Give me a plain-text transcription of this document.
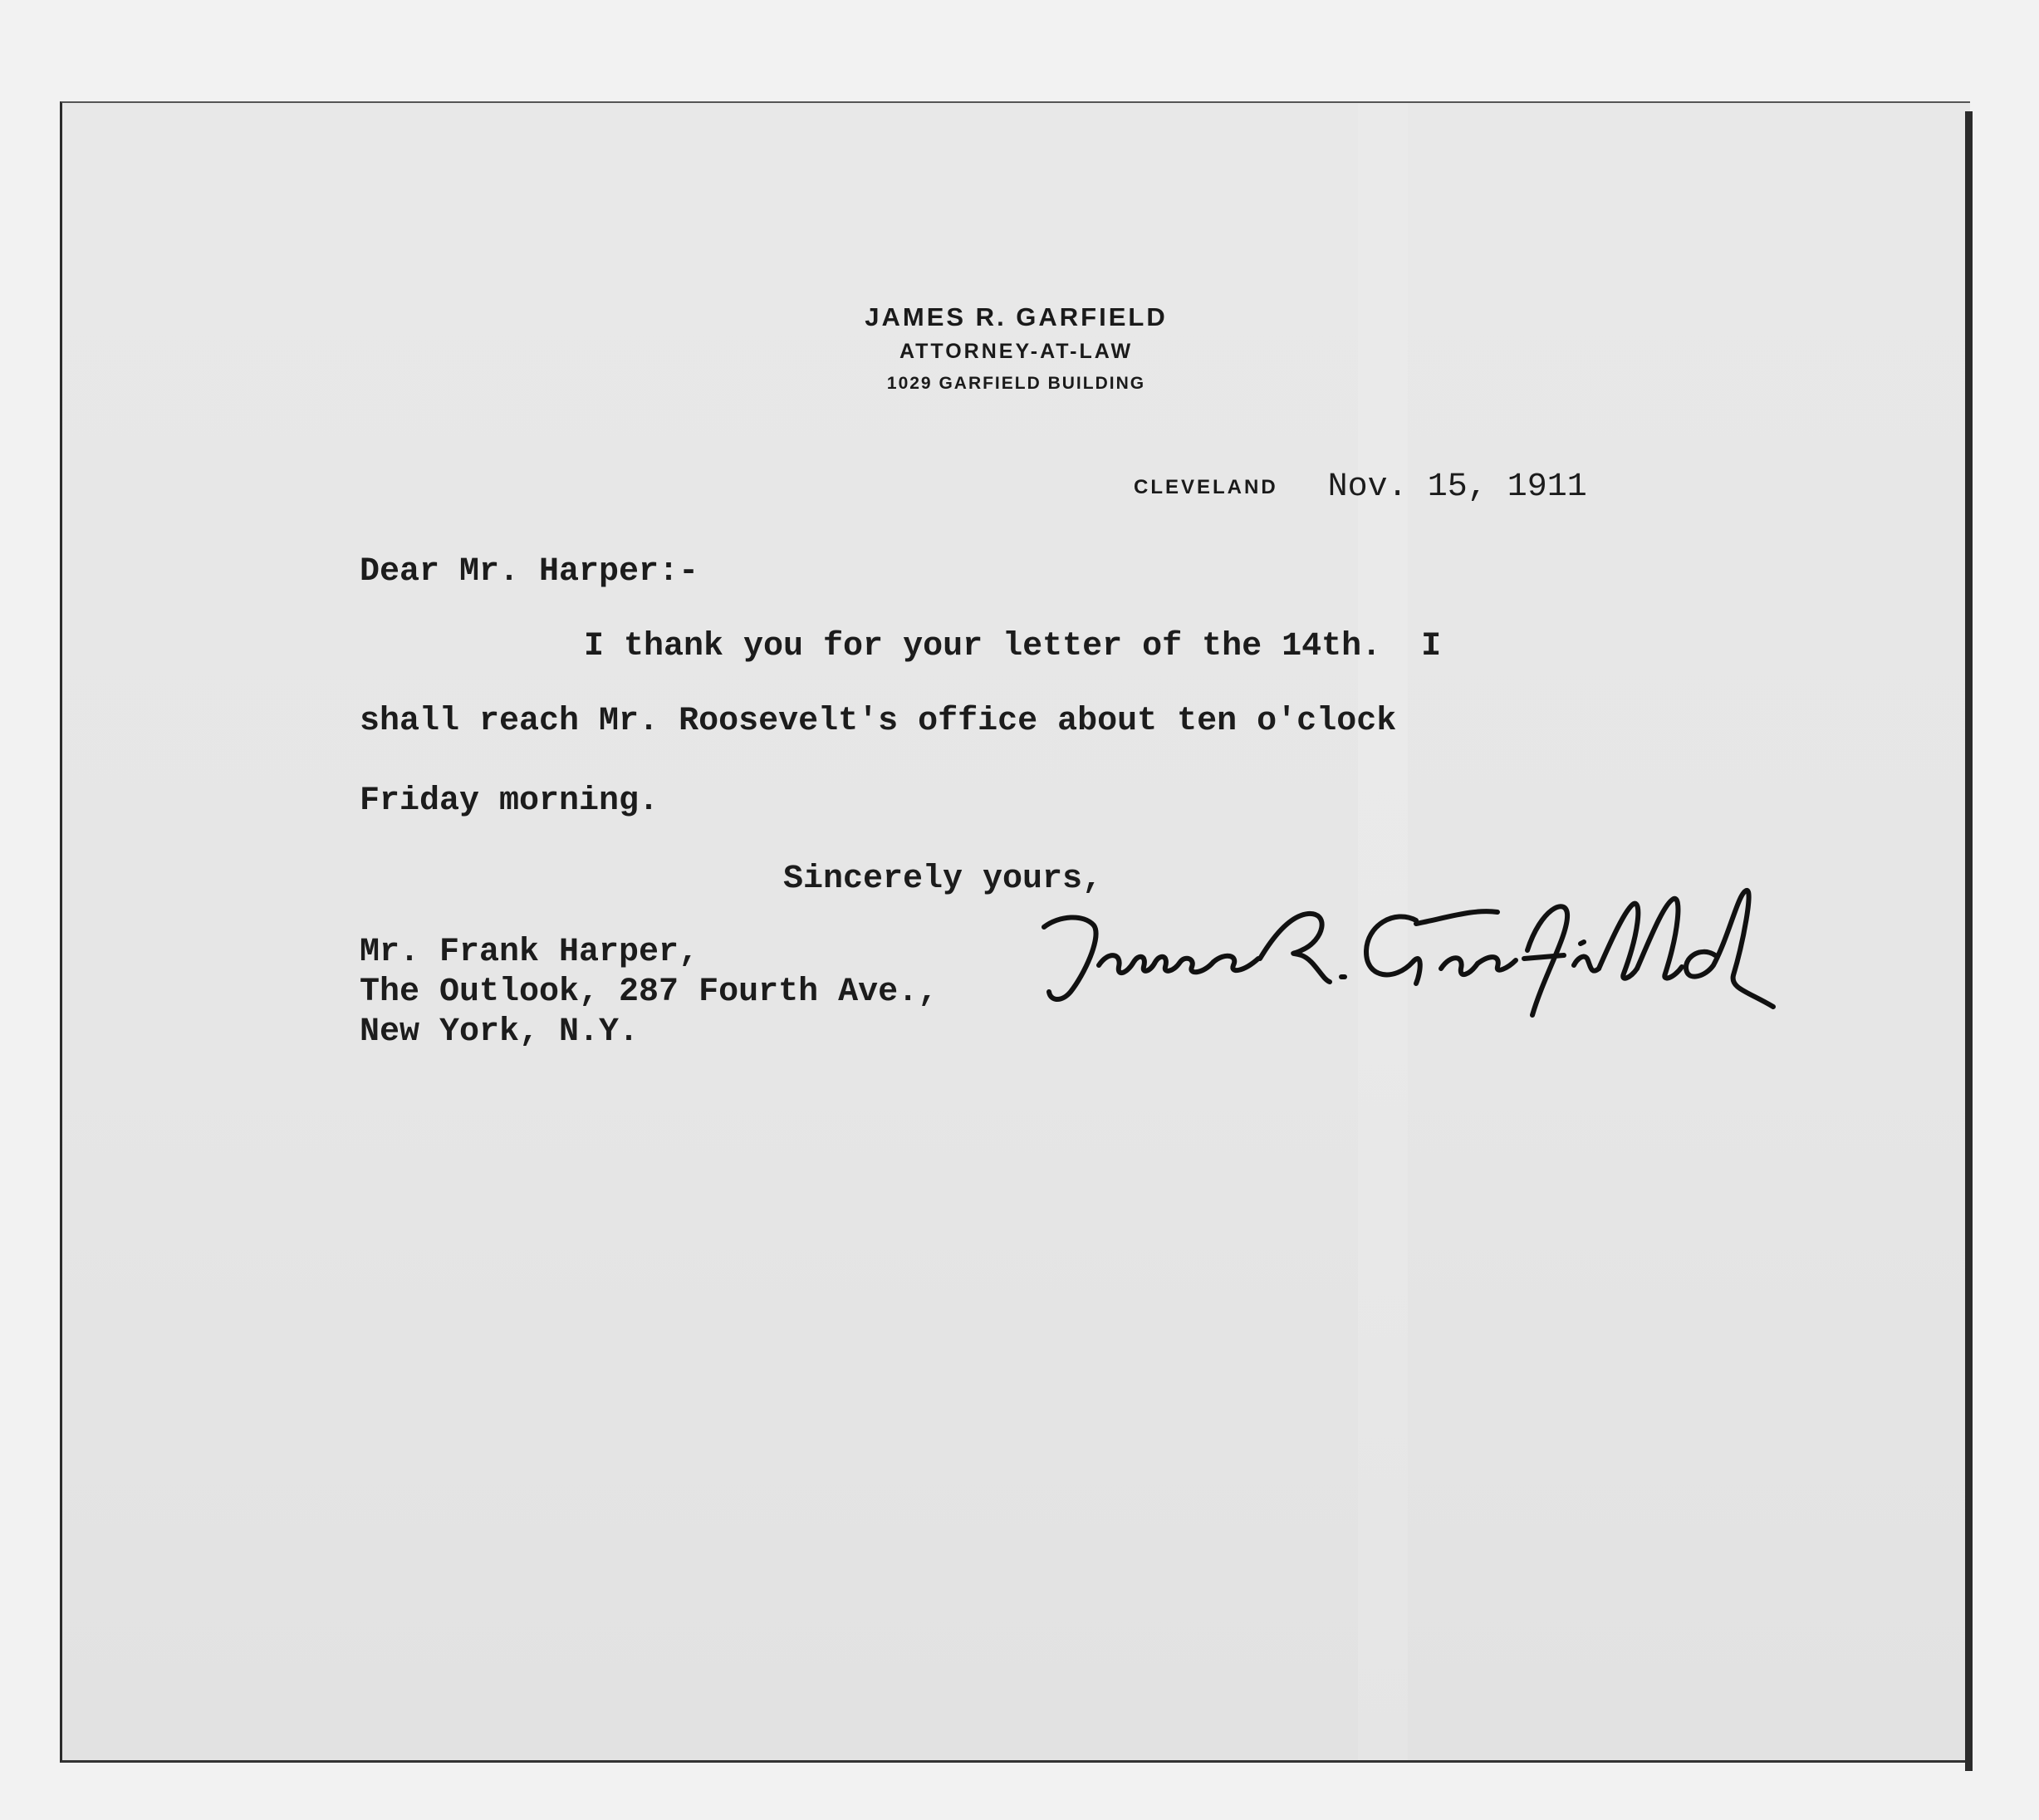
JAMES R. GARFIELD
ATTORNEY-AT-LAW
1029 GARFIELD BUILDING
CLEVELAND Nov. 15, 1911
Dear Mr. Harper:-
I thank you for your letter of the 14th.  I
shall reach Mr. Roosevelt's office about ten o'clock
Friday morning.
Sincerely yours,
Mr. Frank Harper,
The Outlook, 287 Fourth Ave.,
New York, N.Y.
